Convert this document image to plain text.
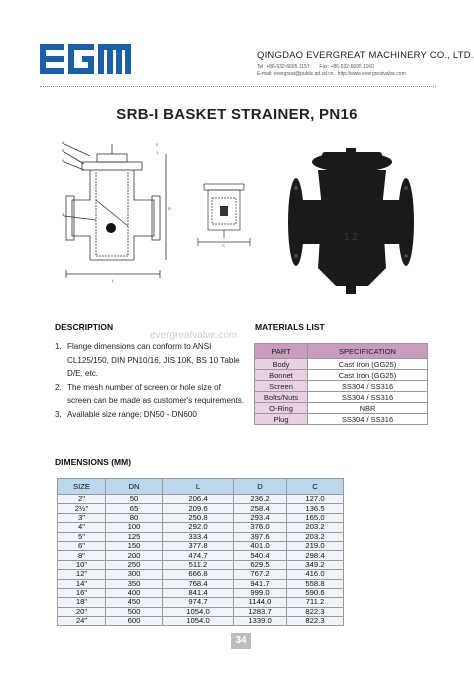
QINGDAO EVERGREAT MACHINERY CO., LTD.
Tel: +86-532-6695 1157 Fax: +86-532-6695 1160
E-mail: evergreat@public.qd.sd.cn http://www.evergreatvalve.com
SRB-I BASKET STRAINER, PN16
6
5
4
3
2
1
L
D
C
1 2
DESCRIPTION
evergreatvalve.com
1. Flange dimensions can conform to ANSI CL125/150, DIN PN10/16, JIS 10K, BS 10 Table D/E, etc.
2. The mesh number of screen or hole size of screen can be made as customer's requirements.
3. Available size range: DN50 - DN600
MATERIALS LIST
PART	SPECIFICATION
Body	Cast Iron (GG25)
Bonnet	Cast Iron (GG25)
Screen	SS304 / SS316
Bolts/Nuts	SS304 / SS316
O-Ring	NBR
Plug	SS304 / SS316
DIMENSIONS (MM)
SIZE	DN	L	D	C
2"	50	206.4	236.2	127.0
2½"	65	209.6	258.4	136.5
3"	80	250.8	293.4	165.0
4"	100	292.0	376.0	203.2
5"	125	333.4	397.6	203.2
6"	150	377.8	401.0	219.0
8"	200	474.7	540.4	298.4
10"	250	511.2	629.5	349.2
12"	300	666.8	767.2	416.0
14"	350	768.4	941.7	558.8
16"	400	841.4	999.0	590.6
18"	450	974.7	1144.0	711.2
20"	500	1054.0	1283.7	822.3
24"	600	1054.0	1339.0	822.3
34
